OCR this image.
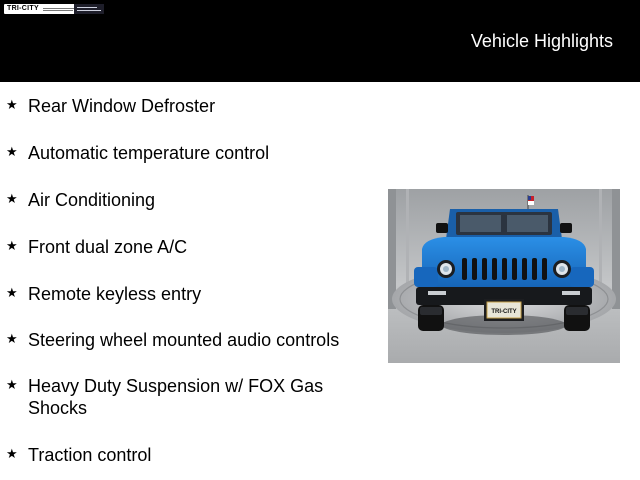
TRI-CITY
Vehicle Highlights
★ Rear Window Defroster
★ Automatic temperature control
★ Air Conditioning
★ Front dual zone A/C
★ Remote keyless entry
★ Steering wheel mounted audio controls
★ Heavy Duty Suspension w/ FOX Gas Shocks
★ Traction control
TRI-CITY
